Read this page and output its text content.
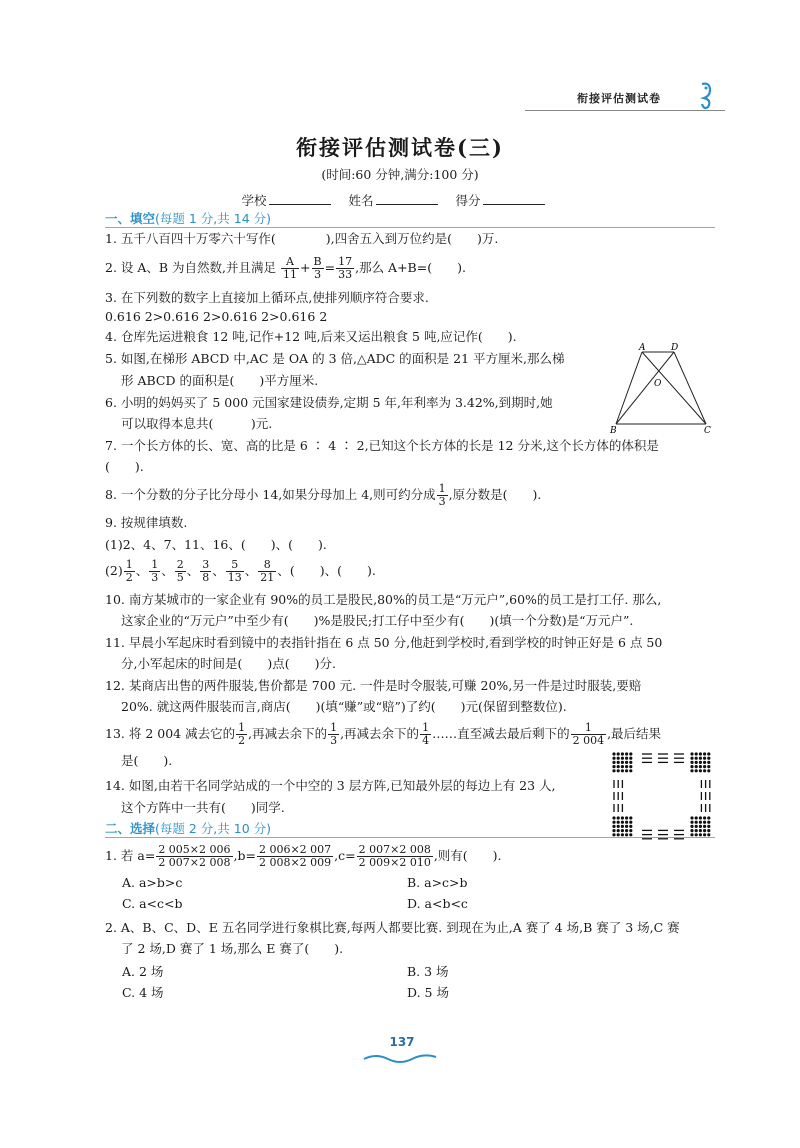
衔接评估测试卷
衔接评估测试卷(三)
(时间:60 分钟,满分:100 分)
学校	姓名	得分
一、填空(每题 1 分,共 14 分)
1. 五千八百四十万零六十写作(　　　　),四舍五入到万位约是(　　)万.
2. 设 A、B 为自然数,并且满足 $\frac{A}{11} + \frac{B}{3} = \frac{17}{33}$ ,那么 A+B=(　　).
3. 在下列数的数字上直接加上循环点,使排列顺序符合要求.
0.616 2>0.616 2>0.616 2>0.616 2
4. 仓库先运进粮食 12 吨,记作+12 吨,后来又运出粮食 5 吨,应记作(　　).
5. 如图,在梯形 ABCD 中,AC 是 OA 的 3 倍,△ADC 的面积是 21 平方厘米,那么梯
形 ABCD 的面积是(　　)平方厘米.
A	D
O
B	C
6. 小明的妈妈买了 5 000 元国家建设债券,定期 5 年,年利率为 3.42%,到期时,她
可以取得本息共(　　　)元.
7. 一个长方体的长、宽、高的比是 6 ∶ 4 ∶ 2,已知这个长方体的长是 12 分米,这个长方体的体积是
(　　).
8. 一个分数的分子比分母小 14,如果分母加上 4,则可约分成 $\frac{1}{3}$ ,原分数是(　　).
9. 按规律填数.
(1)2、4、7、11、16、(　　)、(　　).
$(2) \frac{1}{2}$ 、 $\frac{1}{3}$ 、 $\frac{2}{5}$ 、 $\frac{3}{8}$ 、 $\frac{5}{13}$ 、 $\frac{8}{21}$ 、(　　)、(　　).
10. 南方某城市的一家企业有 90%的员工是股民,80%的员工是“万元户”,60%的员工是打工仔. 那么,
这家企业的“万元户”中至少有(　　)%是股民;打工仔中至少有(　　)(填一个分数)是“万元户”.
11. 早晨小军起床时看到镜中的表指针指在 6 点 50 分,他赶到学校时,看到学校的时钟正好是 6 点 50
分,小军起床的时间是(　　)点(　　)分.
12. 某商店出售的两件服装,售价都是 700 元. 一件是时令服装,可赚 20%,另一件是过时服装,要赔
20%. 就这两件服装而言,商店(　　)(填“赚”或“赔”)了约(　　)元(保留到整数位).
13. 将 2 004 减去它的 $\frac{1}{2}$ ,再减去余下的 $\frac{1}{3}$ ,再减去余下的 $\frac{1}{4}$ ……直至减去最后剩下的 $\frac{1}{2 004}$ ,最后结果
是(　　).
14. 如图,由若干名同学站成的一个中空的 3 层方阵,已知最外层的每边上有 23 人,
这个方阵中一共有(　　)同学.
二、选择(每题 2 分,共 10 分)
1. 若 $a= \frac{2 005\times 2 006}{2 007\times 2 008} ,b= \frac{2 006\times 2 007}{2 008\times 2 009} ,c= \frac{2 007\times 2 008}{2 009\times 2 010}$ ,则有(　　).
A. a>b>c	B. a>c>b
C. a<c<b	D. a<b<c
2. A、B、C、D、E 五名同学进行象棋比赛,每两人都要比赛. 到现在为止,A 赛了 4 场,B 赛了 3 场,C 赛
了 2 场,D 赛了 1 场,那么 E 赛了(　　).
A. 2 场	B. 3 场
C. 4 场	D. 5 场
137
